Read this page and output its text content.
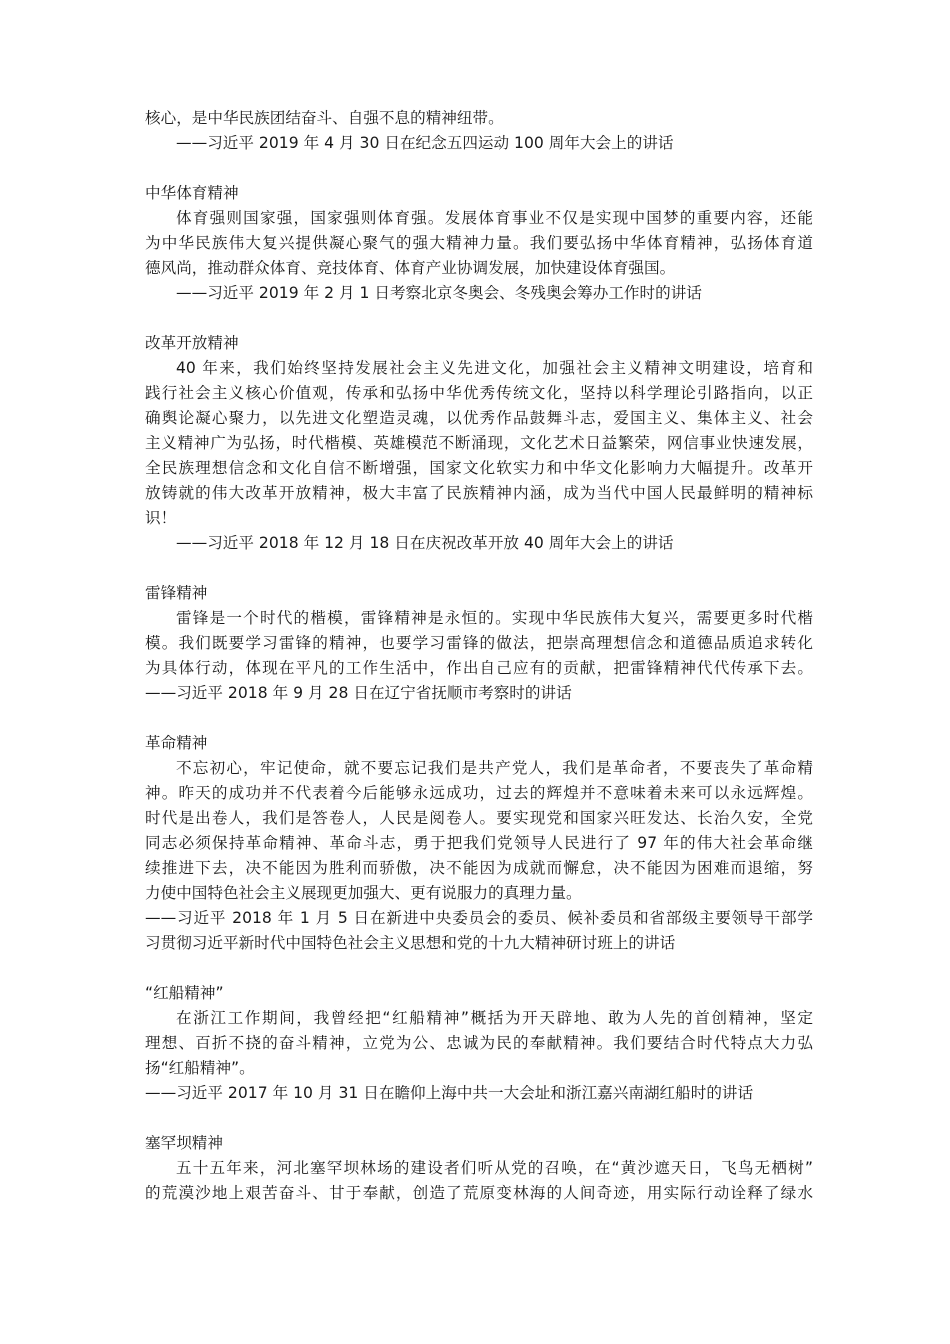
核心，是中华民族团结奋斗、自强不息的精神纽带。
——习近平 2019 年 4 月 30 日在纪念五四运动 100 周年大会上的讲话
中华体育精神
体育强则国家强，国家强则体育强。发展体育事业不仅是实现中国梦的重要内容，还能
为中华民族伟大复兴提供凝心聚气的强大精神力量。我们要弘扬中华体育精神，弘扬体育道
德风尚，推动群众体育、竞技体育、体育产业协调发展，加快建设体育强国。
——习近平 2019 年 2 月 1 日考察北京冬奥会、冬残奥会筹办工作时的讲话
改革开放精神
40 年来，我们始终坚持发展社会主义先进文化，加强社会主义精神文明建设，培育和
践行社会主义核心价值观，传承和弘扬中华优秀传统文化，坚持以科学理论引路指向，以正
确舆论凝心聚力，以先进文化塑造灵魂，以优秀作品鼓舞斗志，爱国主义、集体主义、社会
主义精神广为弘扬，时代楷模、英雄模范不断涌现，文化艺术日益繁荣，网信事业快速发展，
全民族理想信念和文化自信不断增强，国家文化软实力和中华文化影响力大幅提升。改革开
放铸就的伟大改革开放精神，极大丰富了民族精神内涵，成为当代中国人民最鲜明的精神标
识！
——习近平 2018 年 12 月 18 日在庆祝改革开放 40 周年大会上的讲话
雷锋精神
雷锋是一个时代的楷模，雷锋精神是永恒的。实现中华民族伟大复兴，需要更多时代楷
模。我们既要学习雷锋的精神，也要学习雷锋的做法，把崇高理想信念和道德品质追求转化
为具体行动，体现在平凡的工作生活中，作出自己应有的贡献，把雷锋精神代代传承下去。
——习近平 2018 年 9 月 28 日在辽宁省抚顺市考察时的讲话
革命精神
不忘初心，牢记使命，就不要忘记我们是共产党人，我们是革命者，不要丧失了革命精
神。昨天的成功并不代表着今后能够永远成功，过去的辉煌并不意味着未来可以永远辉煌。
时代是出卷人，我们是答卷人，人民是阅卷人。要实现党和国家兴旺发达、长治久安，全党
同志必须保持革命精神、革命斗志，勇于把我们党领导人民进行了 97 年的伟大社会革命继
续推进下去，决不能因为胜利而骄傲，决不能因为成就而懈怠，决不能因为困难而退缩，努
力使中国特色社会主义展现更加强大、更有说服力的真理力量。
——习近平 2018 年 1 月 5 日在新进中央委员会的委员、候补委员和省部级主要领导干部学
习贯彻习近平新时代中国特色社会主义思想和党的十九大精神研讨班上的讲话
“红船精神”
在浙江工作期间，我曾经把“红船精神”概括为开天辟地、敢为人先的首创精神，坚定
理想、百折不挠的奋斗精神，立党为公、忠诚为民的奉献精神。我们要结合时代特点大力弘
扬“红船精神”。
——习近平 2017 年 10 月 31 日在瞻仰上海中共一大会址和浙江嘉兴南湖红船时的讲话
塞罕坝精神
五十五年来，河北塞罕坝林场的建设者们听从党的召唤，在“黄沙遮天日，飞鸟无栖树”
的荒漠沙地上艰苦奋斗、甘于奉献，创造了荒原变林海的人间奇迹，用实际行动诠释了绿水
